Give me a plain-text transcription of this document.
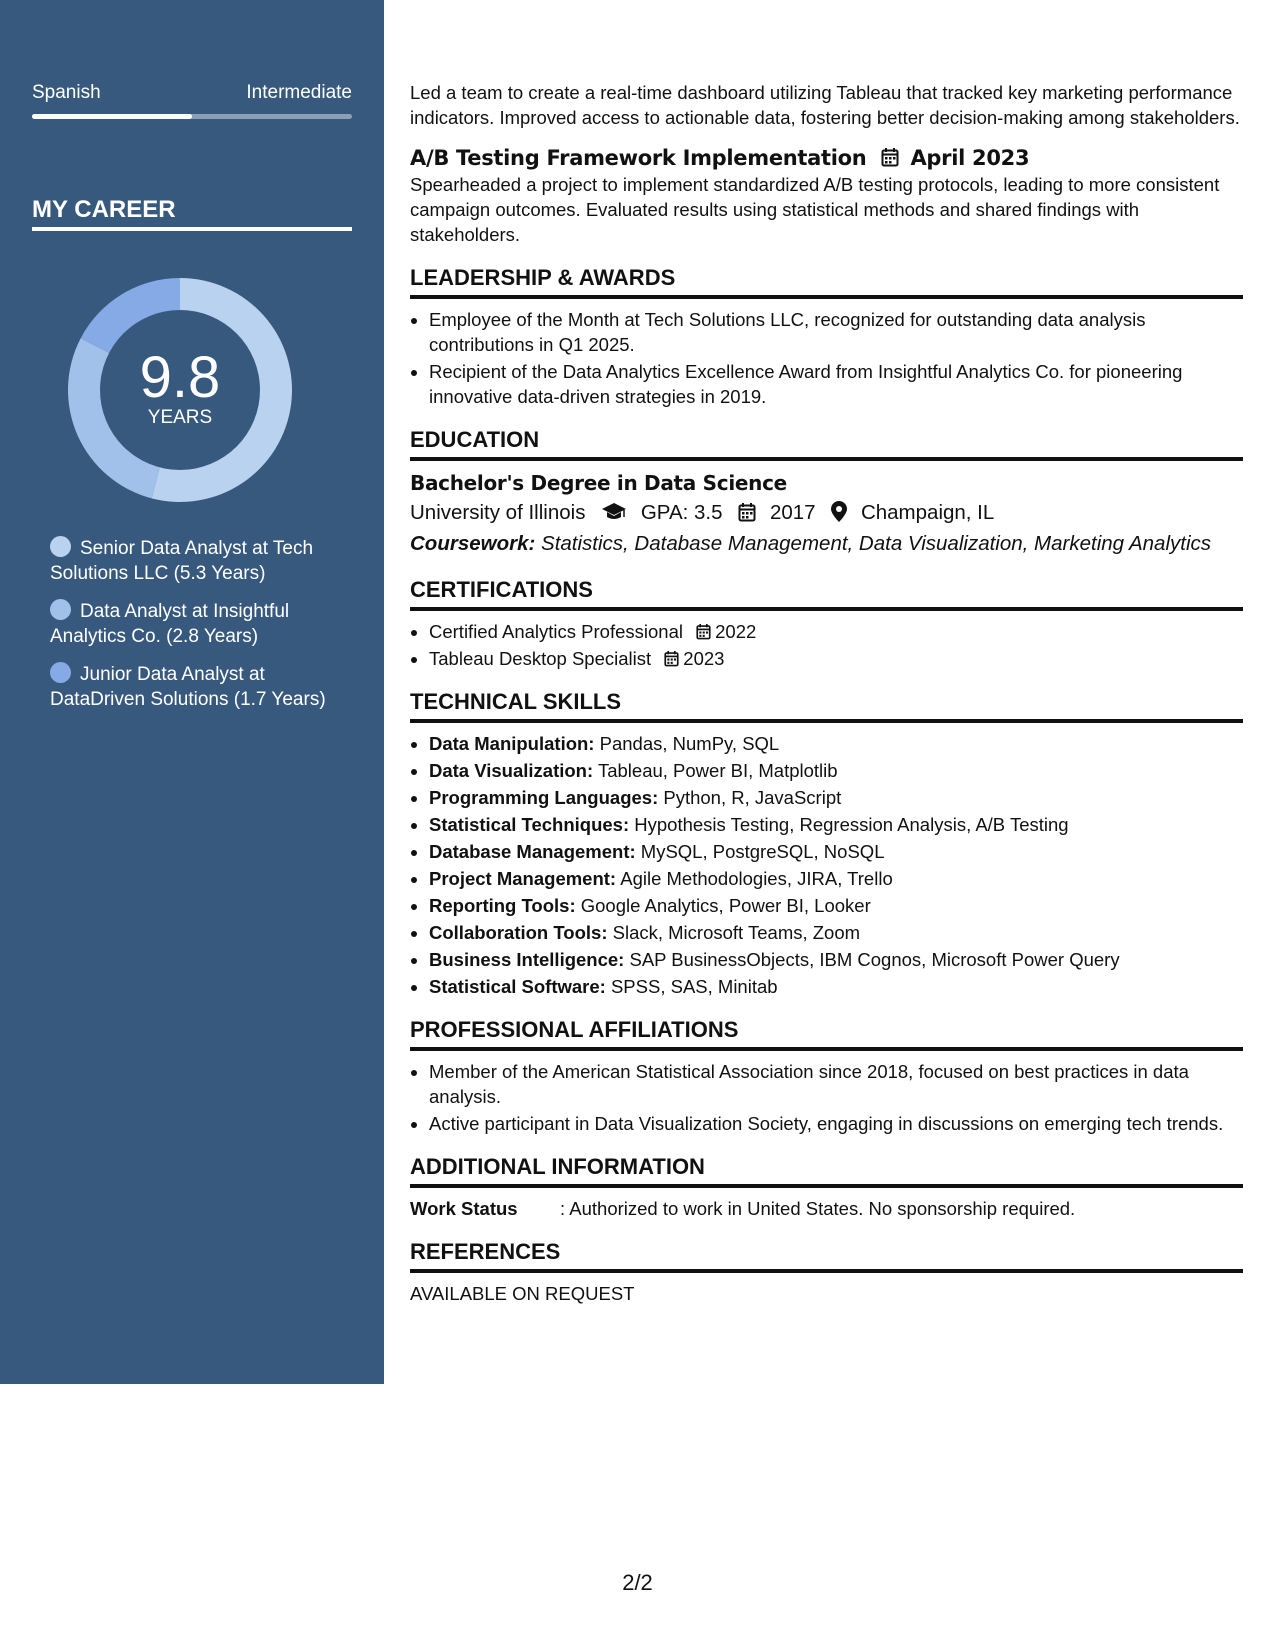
Spanish	Intermediate
MY CAREER
9.8
YEARS
Senior Data Analyst at Tech Solutions LLC (5.3 Years)
Data Analyst at Insightful Analytics Co. (2.8 Years)
Junior Data Analyst at DataDriven Solutions (1.7 Years)

Led a team to create a real-time dashboard utilizing Tableau that tracked key marketing performance indicators. Improved access to actionable data, fostering better decision-making among stakeholders.

A/B Testing Framework Implementation April 2023

Spearheaded a project to implement standardized A/B testing protocols, leading to more consistent campaign outcomes. Evaluated results using statistical methods and shared findings with stakeholders.

LEADERSHIP & AWARDS
• Employee of the Month at Tech Solutions LLC, recognized for outstanding data analysis contributions in Q1 2025.
• Recipient of the Data Analytics Excellence Award from Insightful Analytics Co. for pioneering innovative data-driven strategies in 2019.
EDUCATION
Bachelor's Degree in Data Science
University of Illinois	GPA: 3.5 2017 Champaign, IL
Coursework: Statistics, Database Management, Data Visualization, Marketing Analytics
CERTIFICATIONS
• Certified Analytics Professional 2022
• Tableau Desktop Specialist 2023
TECHNICAL SKILLS
• Data Manipulation: Pandas, NumPy, SQL
• Data Visualization: Tableau, Power BI, Matplotlib
• Programming Languages: Python, R, JavaScript
• Statistical Techniques: Hypothesis Testing, Regression Analysis, A/B Testing
• Database Management: MySQL, PostgreSQL, NoSQL
• Project Management: Agile Methodologies, JIRA, Trello
• Reporting Tools: Google Analytics, Power BI, Looker
• Collaboration Tools: Slack, Microsoft Teams, Zoom
• Business Intelligence: SAP BusinessObjects, IBM Cognos, Microsoft Power Query
• Statistical Software: SPSS, SAS, Minitab
PROFESSIONAL AFFILIATIONS
• Member of the American Statistical Association since 2018, focused on best practices in data analysis.
• Active participant in Data Visualization Society, engaging in discussions on emerging tech trends.
ADDITIONAL INFORMATION
Work Status	: Authorized to work in United States. No sponsorship required.
REFERENCES
AVAILABLE ON REQUEST
2/2
